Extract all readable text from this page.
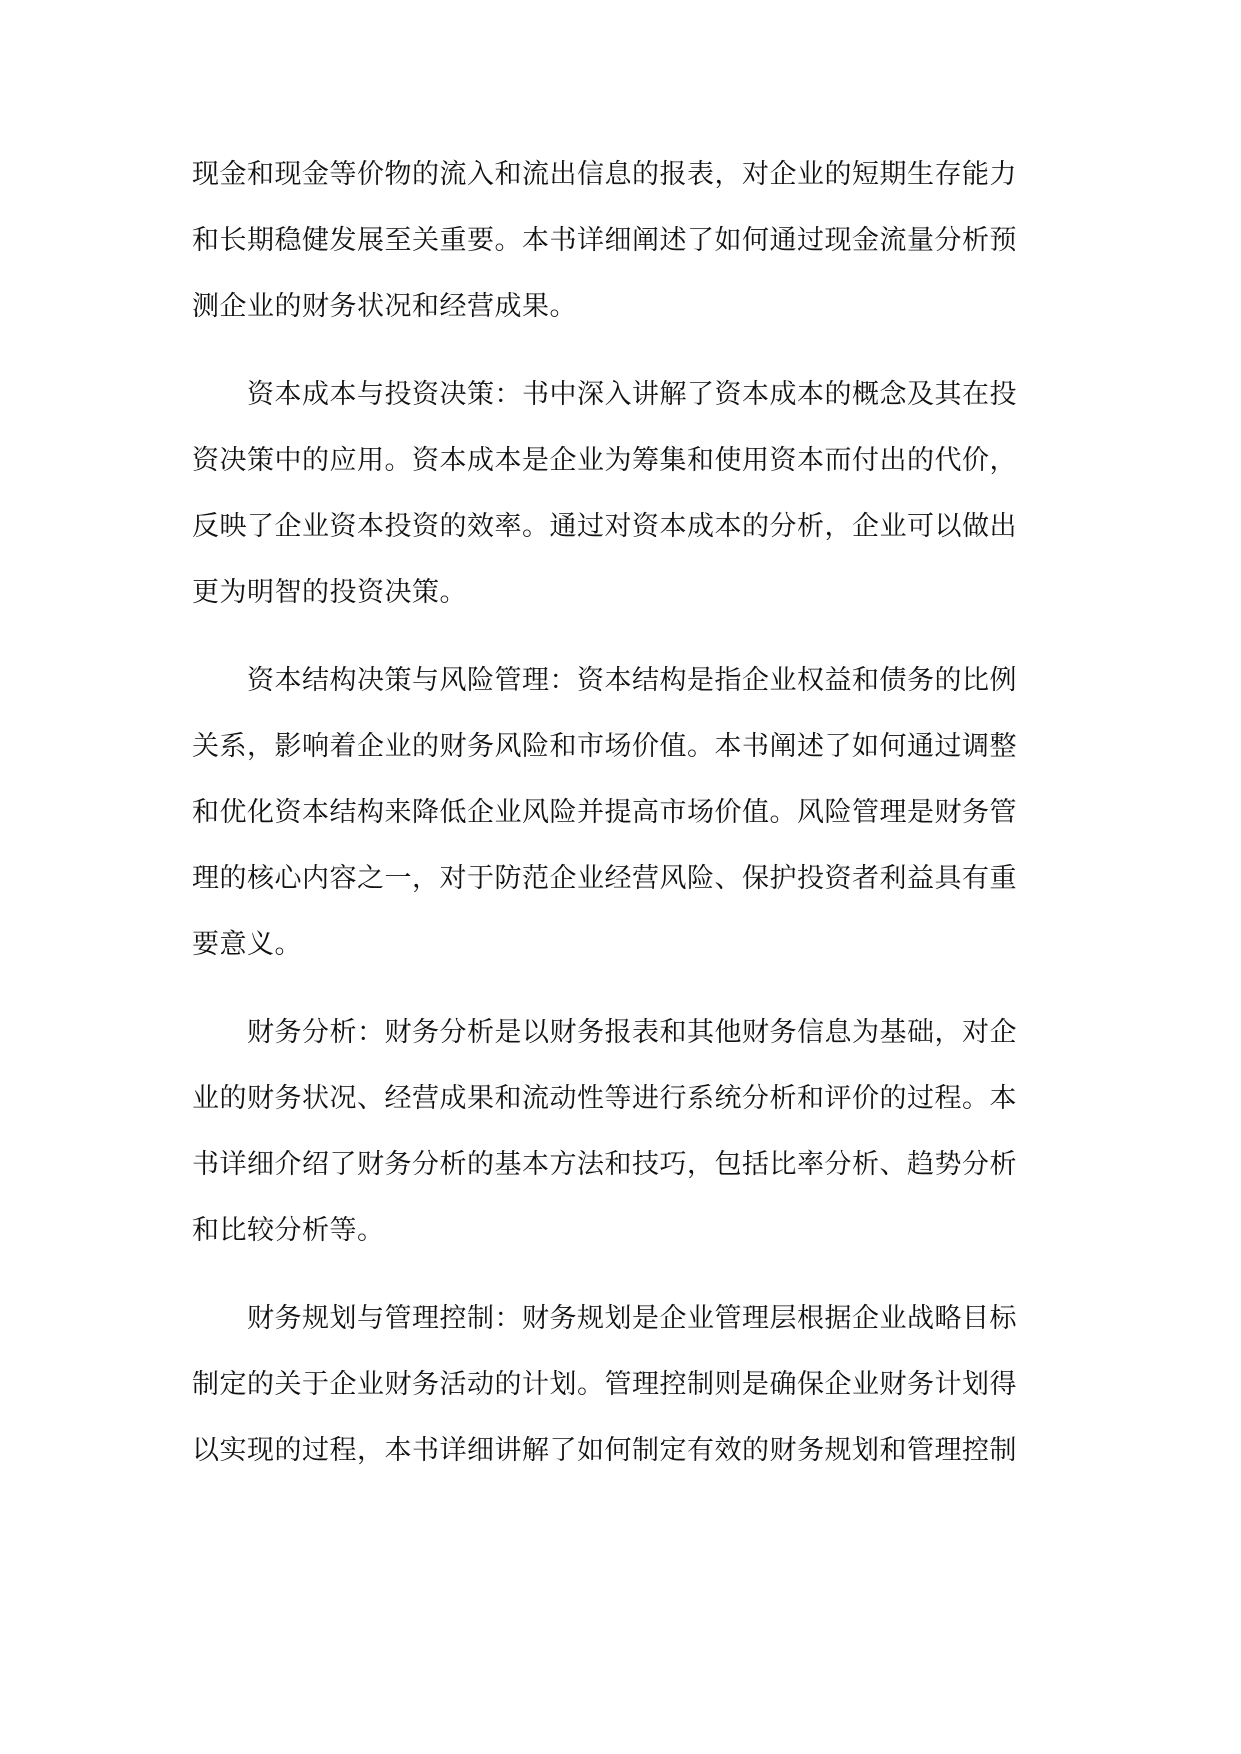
现金和现金等价物的流入和流出信息的报表，对企业的短期生存能力
和长期稳健发展至关重要。本书详细阐述了如何通过现金流量分析预
测企业的财务状况和经营成果。
资本成本与投资决策：书中深入讲解了资本成本的概念及其在投
资决策中的应用。资本成本是企业为筹集和使用资本而付出的代价，
反映了企业资本投资的效率。通过对资本成本的分析，企业可以做出
更为明智的投资决策。
资本结构决策与风险管理：资本结构是指企业权益和债务的比例
关系，影响着企业的财务风险和市场价值。本书阐述了如何通过调整
和优化资本结构来降低企业风险并提高市场价值。风险管理是财务管
理的核心内容之一，对于防范企业经营风险、保护投资者利益具有重
要意义。
财务分析：财务分析是以财务报表和其他财务信息为基础，对企
业的财务状况、经营成果和流动性等进行系统分析和评价的过程。本
书详细介绍了财务分析的基本方法和技巧，包括比率分析、趋势分析
和比较分析等。
财务规划与管理控制：财务规划是企业管理层根据企业战略目标
制定的关于企业财务活动的计划。管理控制则是确保企业财务计划得
以实现的过程，本书详细讲解了如何制定有效的财务规划和管理控制
